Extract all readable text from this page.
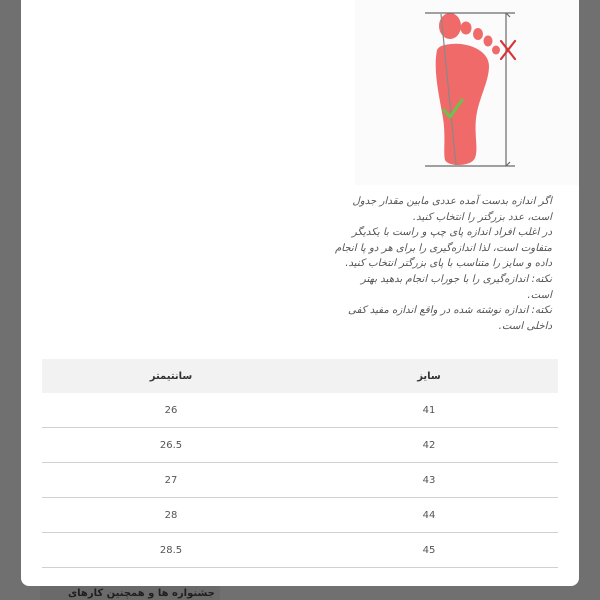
جشنواره ها و همچنین کارهای
اگر اندازه بدست آمده عددی مابین مقدار جدول
است، عدد بزرگتر را انتخاب کنید.
در اغلب افراد اندازه پای چپ و راست با یکدیگر
متفاوت است، لذا اندازه‌گیری را برای هر دو پا انجام
داده و سایز را متناسب با پای بزرگتر انتخاب کنید.
نکته: اندازه‌گیری را با جوراب انجام بدهید بهتر
است.
نکته: اندازه نوشته شده در واقع اندازه مفید کفی
داخلی است.
سانتیمتر	سایز
26	41
26.5	42
27	43
28	44
28.5	45
